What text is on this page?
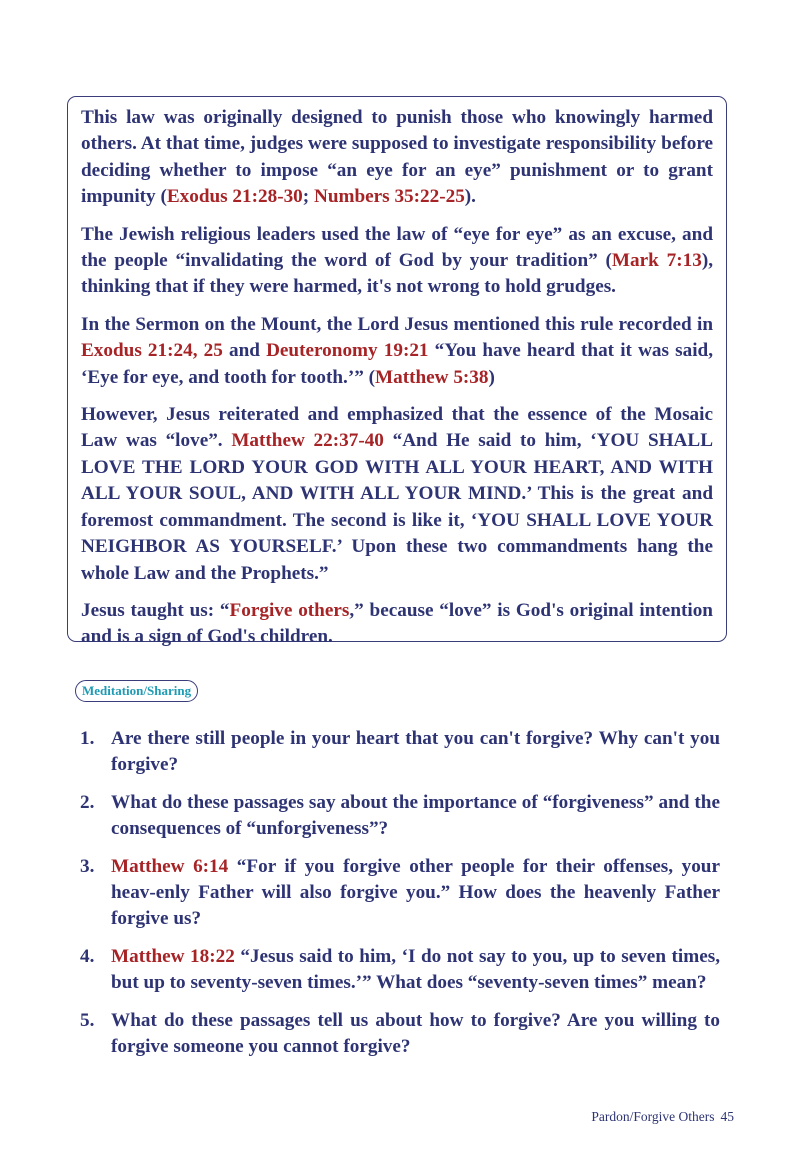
This law was originally designed to punish those who knowingly harmed others. At that time, judges were supposed to investigate responsibility before deciding whether to impose “an eye for an eye” punishment or to grant impunity (Exodus 21:28-30; Numbers 35:22-25).

The Jewish religious leaders used the law of “eye for eye” as an excuse, and the people “invalidating the word of God by your tradition” (Mark 7:13), thinking that if they were harmed, it's not wrong to hold grudges.

In the Sermon on the Mount, the Lord Jesus mentioned this rule recorded in Exodus 21:24, 25 and Deuteronomy 19:21 “You have heard that it was said, ‘Eye for eye, and tooth for tooth.’” (Matthew 5:38)

However, Jesus reiterated and emphasized that the essence of the Mosaic Law was “love”. Matthew 22:37-40 “And He said to him, ‘YOU SHALL LOVE THE LORD YOUR GOD WITH ALL YOUR HEART, AND WITH ALL YOUR SOUL, AND WITH ALL YOUR MIND.’ This is the great and foremost commandment. The second is like it, ‘YOU SHALL LOVE YOUR NEIGHBOR AS YOURSELF.’ Upon these two commandments hang the whole Law and the Prophets.”

Jesus taught us: “Forgive others,” because “love” is God's original intention and is a sign of God's children.

Meditation/Sharing
1. Are there still people in your heart that you can't forgive? Why can't you forgive?
2. What do these passages say about the importance of “forgiveness” and the consequences of “unforgiveness”?
3. Matthew 6:14 “For if you forgive other people for their offenses, your heav-enly Father will also forgive you.” How does the heavenly Father forgive us?
4. Matthew 18:22 “Jesus said to him, ‘I do not say to you, up to seven times, but up to seventy-seven times.’” What does “seventy-seven times” mean?
5. What do these passages tell us about how to forgive? Are you willing to forgive someone you cannot forgive?
Pardon/Forgive Others 45
